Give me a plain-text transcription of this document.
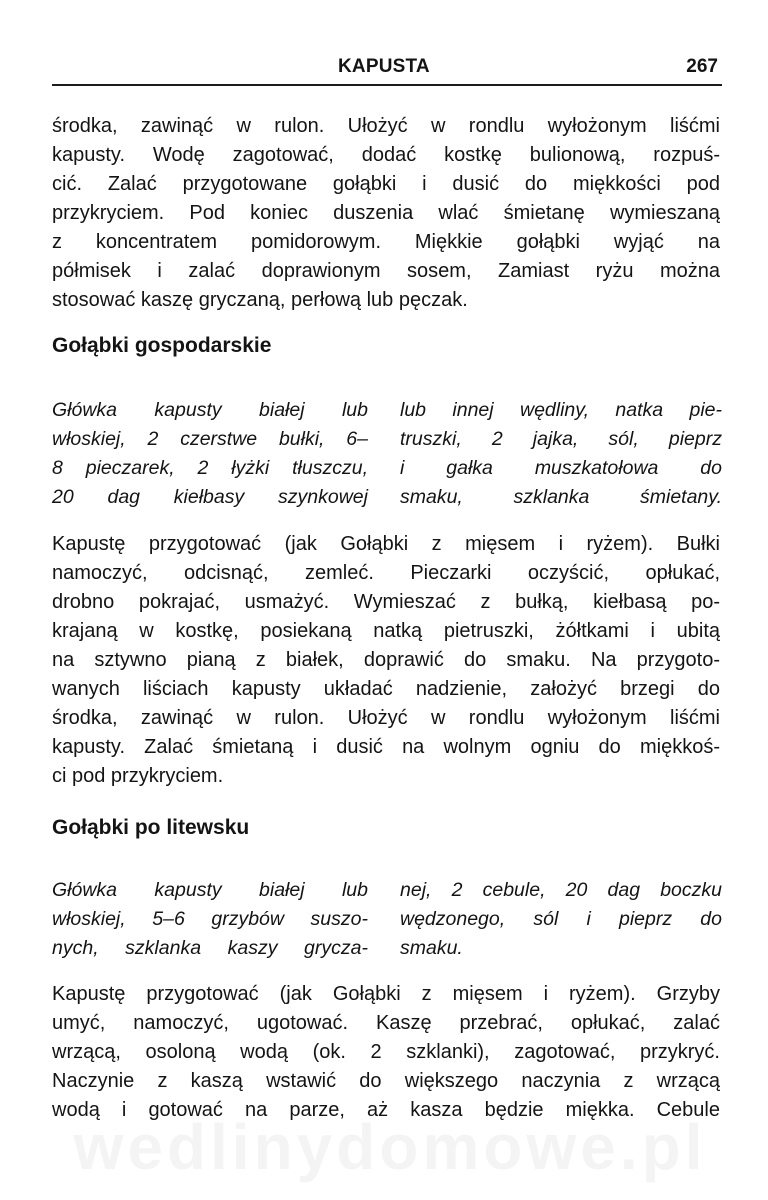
KAPUSTA	267
środka, zawinąć w rulon. Ułożyć w rondlu wyłożonym liśćmi
kapusty. Wodę zagotować, dodać kostkę bulionową, rozpuś-
cić. Zalać przygotowane gołąbki i dusić do miękkości pod
przykryciem. Pod koniec duszenia wlać śmietanę wymieszaną
z koncentratem pomidorowym. Miękkie gołąbki wyjąć na
półmisek i zalać doprawionym sosem, Zamiast ryżu można
stosować kaszę gryczaną, perłową lub pęczak.
Gołąbki gospodarskie
Główka kapusty białej lub
włoskiej, 2 czerstwe bułki, 6–
8 pieczarek, 2 łyżki tłuszczu,
20 dag kiełbasy szynkowej
lub innej wędliny, natka pie-
truszki, 2 jajka, sól, pieprz
i gałka muszkatołowa do
smaku, szklanka śmietany.
Kapustę przygotować (jak Gołąbki z mięsem i ryżem). Bułki
namoczyć, odcisnąć, zemleć. Pieczarki oczyścić, opłukać,
drobno pokrajać, usmażyć. Wymieszać z bułką, kiełbasą po-
krajaną w kostkę, posiekaną natką pietruszki, żółtkami i ubitą
na sztywno pianą z białek, doprawić do smaku. Na przygoto-
wanych liściach kapusty układać nadzienie, założyć brzegi do
środka, zawinąć w rulon. Ułożyć w rondlu wyłożonym liśćmi
kapusty. Zalać śmietaną i dusić na wolnym ogniu do miękkoś-
ci pod przykryciem.
Gołąbki po litewsku
Główka kapusty białej lub
włoskiej, 5–6 grzybów suszo-
nych, szklanka kaszy grycza-
nej, 2 cebule, 20 dag boczku
wędzonego, sól i pieprz do
smaku.
Kapustę przygotować (jak Gołąbki z mięsem i ryżem). Grzyby
umyć, namoczyć, ugotować. Kaszę przebrać, opłukać, zalać
wrzącą, osoloną wodą (ok. 2 szklanki), zagotować, przykryć.
Naczynie z kaszą wstawić do większego naczynia z wrzącą
wodą i gotować na parze, aż kasza będzie miękka. Cebule
